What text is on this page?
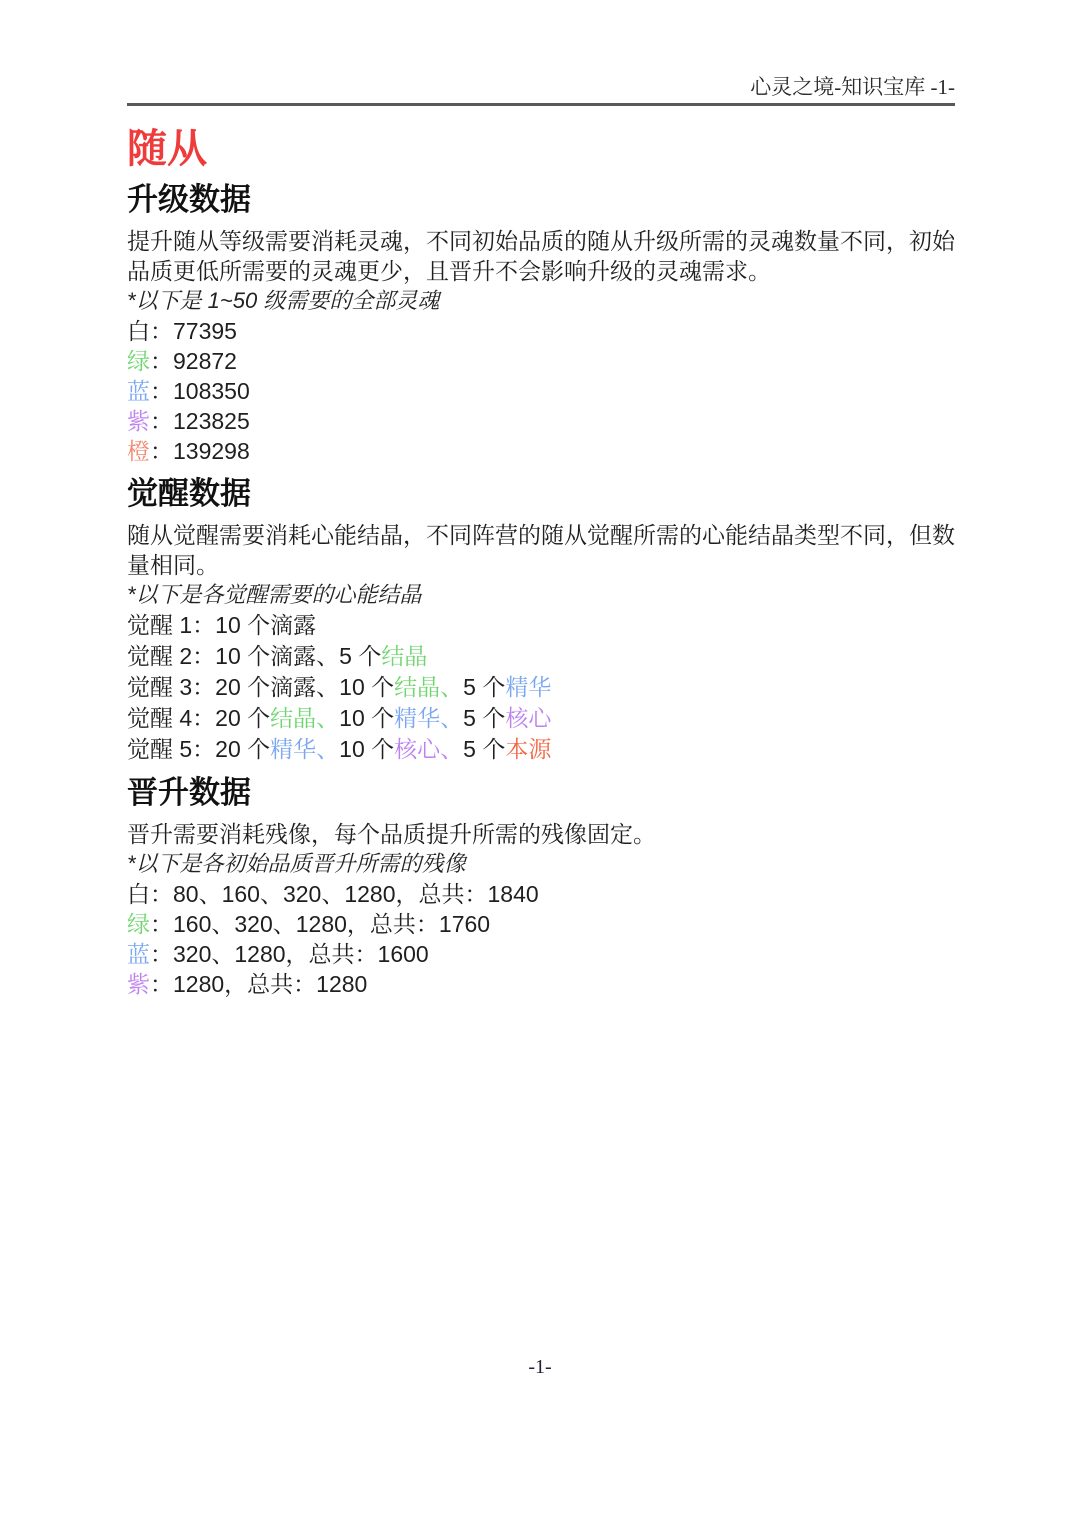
心灵之境-知识宝库 -1-
随从
升级数据

提升随从等级需要消耗灵魂，不同初始品质的随从升级所需的灵魂数量不同，初始品质更低所需要的灵魂更少，且晋升不会影响升级的灵魂需求。

*以下是 1~50 级需要的全部灵魂

白：77395
绿：92872
蓝：108350
紫：123825
橙：139298
觉醒数据

随从觉醒需要消耗心能结晶，不同阵营的随从觉醒所需的心能结晶类型不同，但数量相同。

*以下是各觉醒需要的心能结晶

觉醒 1：10 个滴露
觉醒 2：10 个滴露、5 个结晶
觉醒 3：20 个滴露、10 个结晶、5 个精华
觉醒 4：20 个结晶、10 个精华、5 个核心
觉醒 5：20 个精华、10 个核心、5 个本源
晋升数据

晋升需要消耗残像，每个品质提升所需的残像固定。

*以下是各初始品质晋升所需的残像

白：80、160、320、1280，总共：1840
绿：160、320、1280，总共：1760
蓝：320、1280，总共：1600
紫：1280，总共：1280
-1-
